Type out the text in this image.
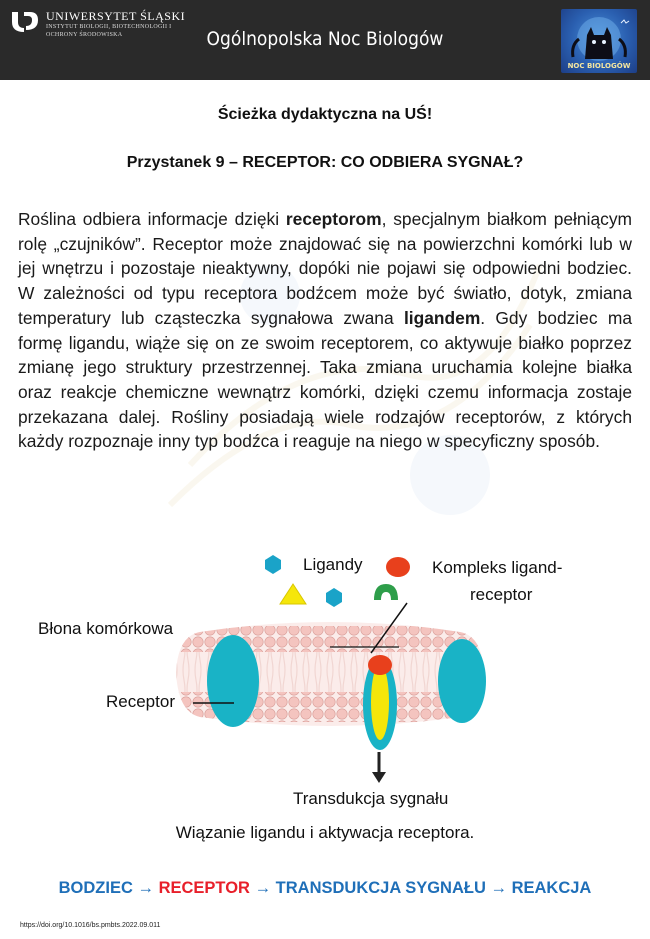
UNIWERSYTET ŚLĄSKI
INSTYTUT BIOLOGII, BIOTECHNOLOGII I OCHRONY ŚRODOWISKA	Ogólnopolska Noc Biologów
NOC BIOLOGÓW
Ścieżka dydaktyczna na UŚ!
Przystanek 9 – RECEPTOR: CO ODBIERA SYGNAŁ?
Roślina odbiera informacje dzięki receptorom, specjalnym białkom pełniącym rolę „czujników”. Receptor może znajdować się na powierzchni komórki lub w jej wnętrzu i pozostaje nieaktywny, dopóki nie pojawi się odpowiedni bodziec. W zależności od typu receptora bodźcem może być światło, dotyk, zmiana temperatury lub cząsteczka sygnałowa zwana ligandem. Gdy bodziec ma formę ligandu, wiąże się on ze swoim receptorem, co aktywuje białko poprzez zmianę jego struktury przestrzennej. Taka zmiana uruchamia kolejne białka oraz reakcje chemiczne wewnątrz komórki, dzięki czemu informacja zostaje przekazana dalej. Rośliny posiadają wiele rodzajów receptorów, z których każdy rozpoznaje inny typ bodźca i reaguje na niego w specyficzny sposób.
Ligandy	Kompleks ligand-
receptor
Błona komórkowa
Receptor
Transdukcja sygnału
Wiązanie ligandu i aktywacja receptora.
BODZIEC → RECEPTOR → TRANSDUKCJA SYGNAŁU → REAKCJA
https://doi.org/10.1016/bs.pmbts.2022.09.011
